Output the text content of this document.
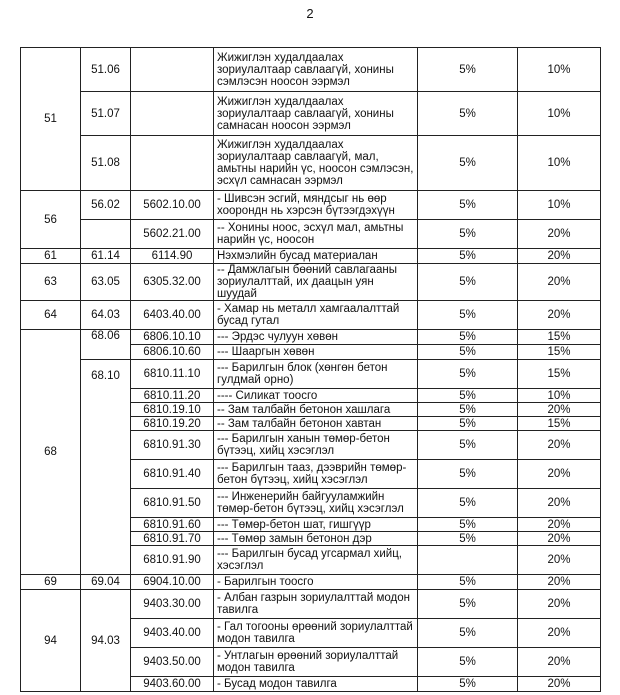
2
51	51.06		Жижиглэн худалдаалах зориулалтаар савлаагүй, хонины сэмлэсэн ноосон ээрмэл	5%	10%
	51.07		Жижиглэн худалдаалах зориулалтаар савлаагүй, хонины самнасан ноосон ээрмэл	5%	10%
	51.08		Жижиглэн худалдаалах зориулалтаар савлаагүй, мал, амьтны нарийн үс, ноосон сэмлэсэн, эсхүл самнасан ээрмэл	5%	10%
56	56.02	5602.10.00	- Шивсэн эсгий, мяндсыг нь өөр хоорондн нь хэрсэн бүтээгдэхүүн	5%	10%
		5602.21.00	-- Хонины ноос, эсхүл мал, амьтны нарийн үс, ноосон	5%	20%
61	61.14	6114.90	Нэхмэлийн бусад материалан	5%	20%
63	63.05	6305.32.00	-- Дамжлагын бөөний савлагааны зориулалттай, их даацын уян шуудай	5%	20%
64	64.03	6403.40.00	- Хамар нь металл хамгаалалттай бусад гутал	5%	20%
68	68.06	6806.10.10	--- Эрдэс чулуун хөвөн	5%	15%
		6806.10.60	--- Шааргын хөвөн	5%	15%
	68.10	6810.11.10	--- Барилгын блок (хөнгөн бетон гулдмай орно)	5%	15%
		6810.11.20	---- Силикат тоосго	5%	10%
		6810.19.10	-- Зам талбайн бетонон хашлага	5%	20%
		6810.19.20	-- Зам талбайн бетонон хавтан	5%	15%
		6810.91.30	--- Барилгын ханын төмөр-бетон бүтээц, хийц хэсэглэл	5%	20%
		6810.91.40	--- Барилгын тааз, дээврийн төмөр-бетон бүтээц, хийц хэсэглэл	5%	20%
		6810.91.50	--- Инженерийн байгууламжийн төмөр-бетон бүтээц, хийц хэсэглэл	5%	20%
		6810.91.60	--- Төмөр-бетон шат, гишгүүр	5%	20%
		6810.91.70	--- Төмөр замын бетонон дэр	5%	20%
		6810.91.90	--- Барилгын бусад угсармал хийц, хэсэглэл		20%
69	69.04	6904.10.00	- Барилгын тоосго	5%	20%
94	94.03	9403.30.00	- Албан газрын зориулалттай модон тавилга	5%	20%
		9403.40.00	- Гал тогооны өрөөний зориулалттай модон тавилга	5%	20%
		9403.50.00	- Унтлагын өрөөний зориулалттай модон тавилга	5%	20%
		9403.60.00	- Бусад модон тавилга	5%	20%
